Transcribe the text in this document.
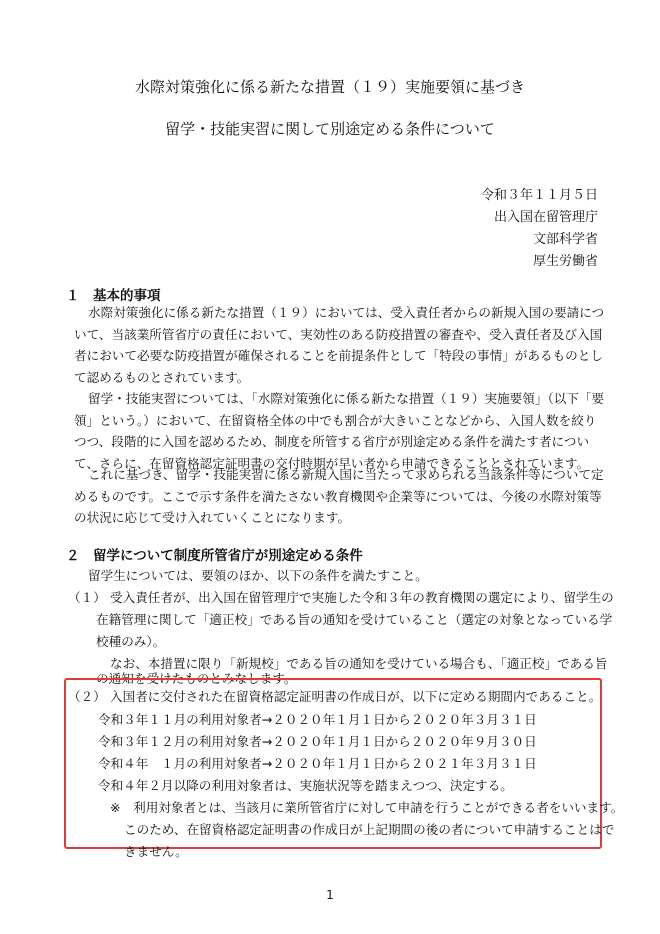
水際対策強化に係る新たな措置（１９）実施要領に基づき
留学・技能実習に関して別途定める条件について
令和３年１１月５日
出入国在留管理庁
文部科学省
厚生労働省
１　基本的事項

水際対策強化に係る新たな措置（１９）においては、受入責任者からの新規入国の要請について、当該業所管省庁の責任において、実効性のある防疫措置の審査や、受入責任者及び入国者において必要な防疫措置が確保されることを前提条件として「特段の事情」があるものとして認めるものとされています。

留学・技能実習については、「水際対策強化に係る新たな措置（１９）実施要領」（以下「要領」という。）において、在留資格全体の中でも割合が大きいことなどから、入国人数を絞りつつ、段階的に入国を認めるため、制度を所管する省庁が別途定める条件を満たす者について、さらに、在留資格認定証明書の交付時期が早い者から申請できることとされています。

これに基づき、留学・技能実習に係る新規入国に当たって求められる当該条件等について定めるものです。ここで示す条件を満たさない教育機関や企業等については、今後の水際対策等の状況に応じて受け入れていくことになります。

２　留学について制度所管省庁が別途定める条件
留学生については、要領のほか、以下の条件を満たすこと。
（１） 受入責任者が、出入国在留管理庁で実施した令和３年の教育機関の選定により、留学生の
在籍管理に関して「適正校」である旨の通知を受けていること（選定の対象となっている学
校種のみ）。
なお、本措置に限り「新規校」である旨の通知を受けている場合も、「適正校」である旨
の通知を受けたものとみなします。
（２） 入国者に交付された在留資格認定証明書の作成日が、以下に定める期間内であること。
令和３年１１月の利用対象者→２０２０年１月１日から２０２０年３月３１日
令和３年１２月の利用対象者→２０２０年１月１日から２０２０年９月３０日
令和４年　１月の利用対象者→２０２０年１月１日から２０２１年３月３１日
令和４年２月以降の利用対象者は、実施状況等を踏まえつつ、決定する。
※　利用対象者とは、当該月に業所管省庁に対して申請を行うことができる者をいいます。
このため、在留資格認定証明書の作成日が上記期間の後の者について申請することはで
きません。
1
